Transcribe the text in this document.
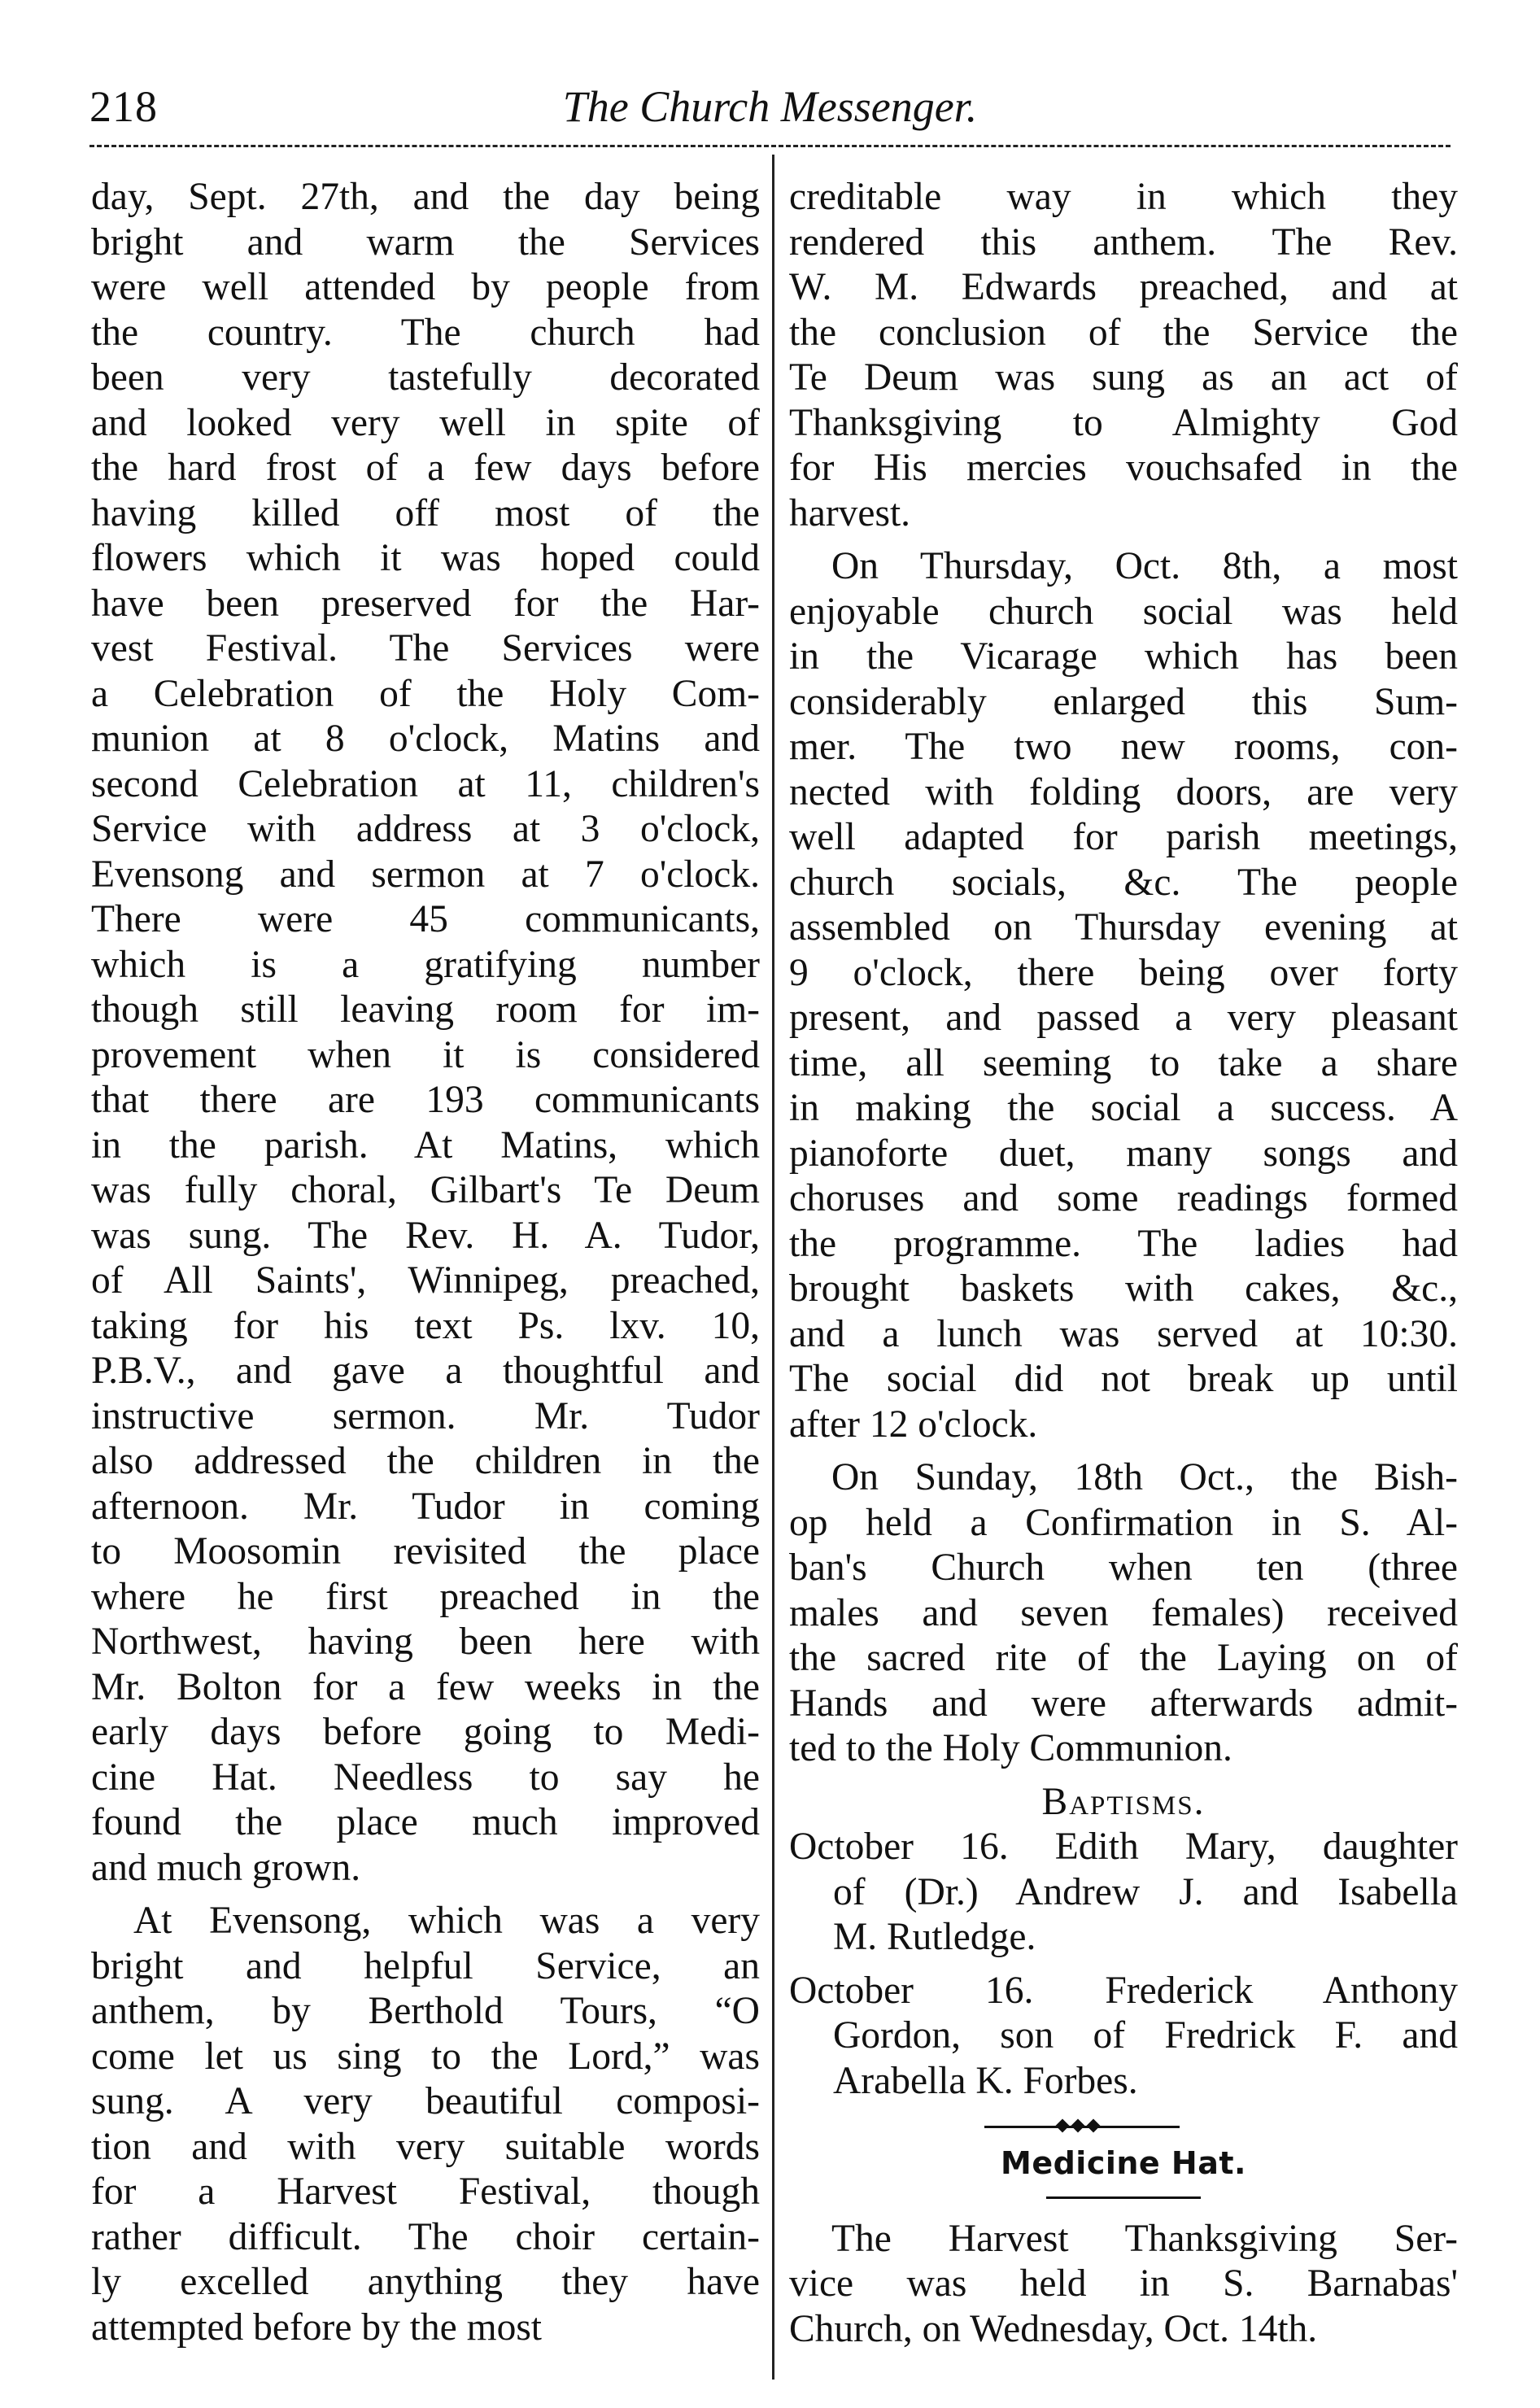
218	The Church Messenger.
day, Sept. 27th, and the day being
bright and warm the Services
were well attended by people from
the country. The church had
been very tastefully decorated
and looked very well in spite of
the hard frost of a few days before
having killed off most of the
flowers which it was hoped could
have been preserved for the Har-
vest Festival. The Services were
a Celebration of the Holy Com-
munion at 8 o'clock, Matins and
second Celebration at 11, children's
Service with address at 3 o'clock,
Evensong and sermon at 7 o'clock.
There were 45 communicants,
which is a gratifying number
though still leaving room for im-
provement when it is considered
that there are 193 communicants
in the parish. At Matins, which
was fully choral, Gilbart's Te Deum
was sung. The Rev. H. A. Tudor,
of All Saints', Winnipeg, preached,
taking for his text Ps. lxv. 10,
P.B.V., and gave a thoughtful and
instructive sermon. Mr. Tudor
also addressed the children in the
afternoon. Mr. Tudor in coming
to Moosomin revisited the place
where he first preached in the
Northwest, having been here with
Mr. Bolton for a few weeks in the
early days before going to Medi-
cine Hat. Needless to say he
found the place much improved
and much grown.
At Evensong, which was a very
bright and helpful Service, an
anthem, by Berthold Tours, “O
come let us sing to the Lord,” was
sung. A very beautiful composi-
tion and with very suitable words
for a Harvest Festival, though
rather difficult. The choir certain-
ly excelled anything they have
attempted before by the most
creditable way in which they
rendered this anthem. The Rev.
W. M. Edwards preached, and at
the conclusion of the Service the
Te Deum was sung as an act of
Thanksgiving to Almighty God
for His mercies vouchsafed in the
harvest.
On Thursday, Oct. 8th, a most
enjoyable church social was held
in the Vicarage which has been
considerably enlarged this Sum-
mer. The two new rooms, con-
nected with folding doors, are very
well adapted for parish meetings,
church socials, &c. The people
assembled on Thursday evening at
9 o'clock, there being over forty
present, and passed a very pleasant
time, all seeming to take a share
in making the social a success. A
pianoforte duet, many songs and
choruses and some readings formed
the programme. The ladies had
brought baskets with cakes, &c.,
and a lunch was served at 10:30.
The social did not break up until
after 12 o'clock.
On Sunday, 18th Oct., the Bish-
op held a Confirmation in S. Al-
ban's Church when ten (three
males and seven females) received
the sacred rite of the Laying on of
Hands and were afterwards admit-
ted to the Holy Communion.
Baptisms.
October 16. Edith Mary, daughter
of (Dr.) Andrew J. and Isabella
M. Rutledge.
October 16. Frederick Anthony
Gordon, son of Fredrick F. and
Arabella K. Forbes.
Medicine Hat.
The Harvest Thanksgiving Ser-
vice was held in S. Barnabas'
Church, on Wednesday, Oct. 14th.
